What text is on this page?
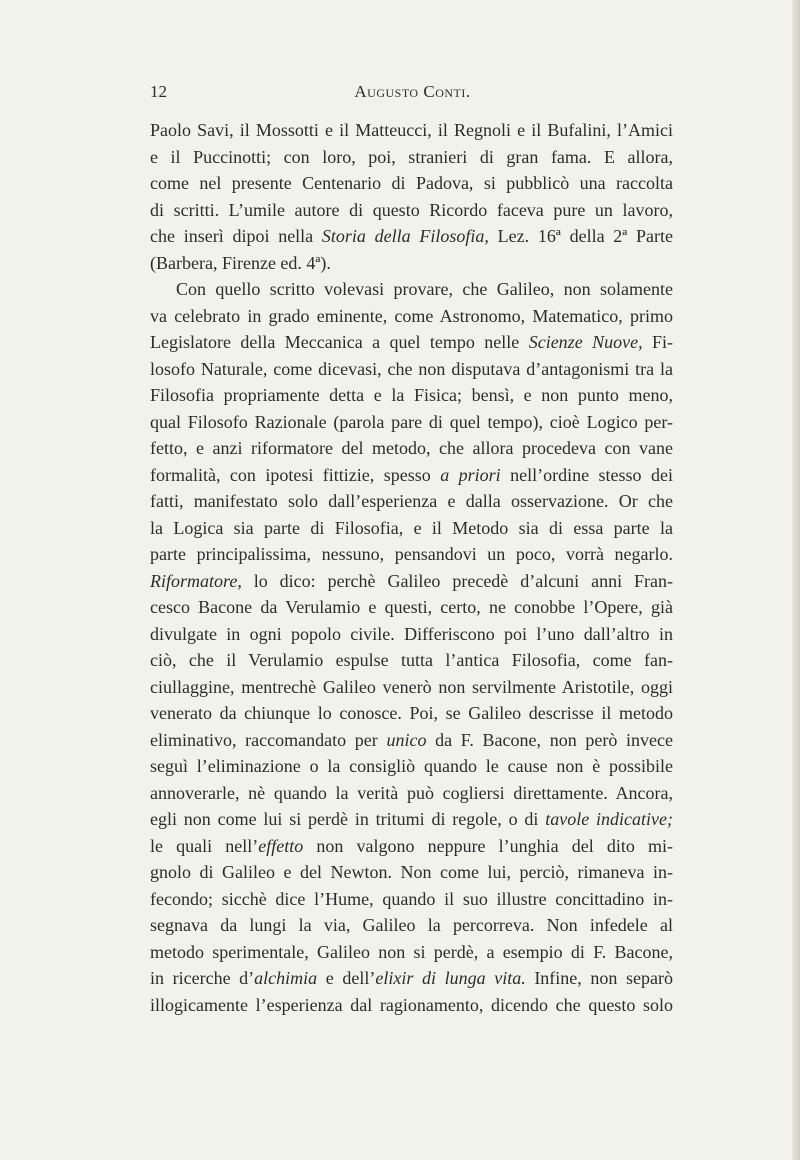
12	Augusto Conti.
Paolo Savi, il Mossotti e il Matteucci, il Regnoli e il Bufalini, l’Amici
e il Puccinotti; con loro, poi, stranieri di gran fama. E allora,
come nel presente Centenario di Padova, si pubblicò una raccolta
di scritti. L’umile autore di questo Ricordo faceva pure un lavoro,
che inserì dipoi nella Storia della Filosofia, Lez. 16ª della 2ª Parte
(Barbera, Firenze ed. 4ª).
Con quello scritto volevasi provare, che Galileo, non solamente
va celebrato in grado eminente, come Astronomo, Matematico, primo
Legislatore della Meccanica a quel tempo nelle Scienze Nuove, Fi-
losofo Naturale, come dicevasi, che non disputava d’antagonismi tra la
Filosofia propriamente detta e la Fisica; bensì, e non punto meno,
qual Filosofo Razionale (parola pare di quel tempo), cioè Logico per-
fetto, e anzi riformatore del metodo, che allora procedeva con vane
formalità, con ipotesi fittizie, spesso a priori nell’ordine stesso dei
fatti, manifestato solo dall’esperienza e dalla osservazione. Or che
la Logica sia parte di Filosofia, e il Metodo sia di essa parte la
parte principalissima, nessuno, pensandovi un poco, vorrà negarlo.
Riformatore, lo dico: perchè Galileo precedè d’alcuni anni Fran-
cesco Bacone da Verulamio e questi, certo, ne conobbe l’Opere, già
divulgate in ogni popolo civile. Differiscono poi l’uno dall’altro in
ciò, che il Verulamio espulse tutta l’antica Filosofia, come fan-
ciullaggine, mentrechè Galileo venerò non servilmente Aristotile, oggi
venerato da chiunque lo conosce. Poi, se Galileo descrisse il metodo
eliminativo, raccomandato per unico da F. Bacone, non però invece
seguì l’eliminazione o la consigliò quando le cause non è possibile
annoverarle, nè quando la verità può cogliersi direttamente. Ancora,
egli non come lui si perdè in tritumi di regole, o di tavole indicative;
le quali nell’effetto non valgono neppure l’unghia del dito mi-
gnolo di Galileo e del Newton. Non come lui, perciò, rimaneva in-
fecondo; sicchè dice l’Hume, quando il suo illustre concittadino in-
segnava da lungi la via, Galileo la percorreva. Non infedele al
metodo sperimentale, Galileo non si perdè, a esempio di F. Bacone,
in ricerche d’alchimia e dell’elixir di lunga vita. Infine, non separò
illogicamente l’esperienza dal ragionamento, dicendo che questo solo
